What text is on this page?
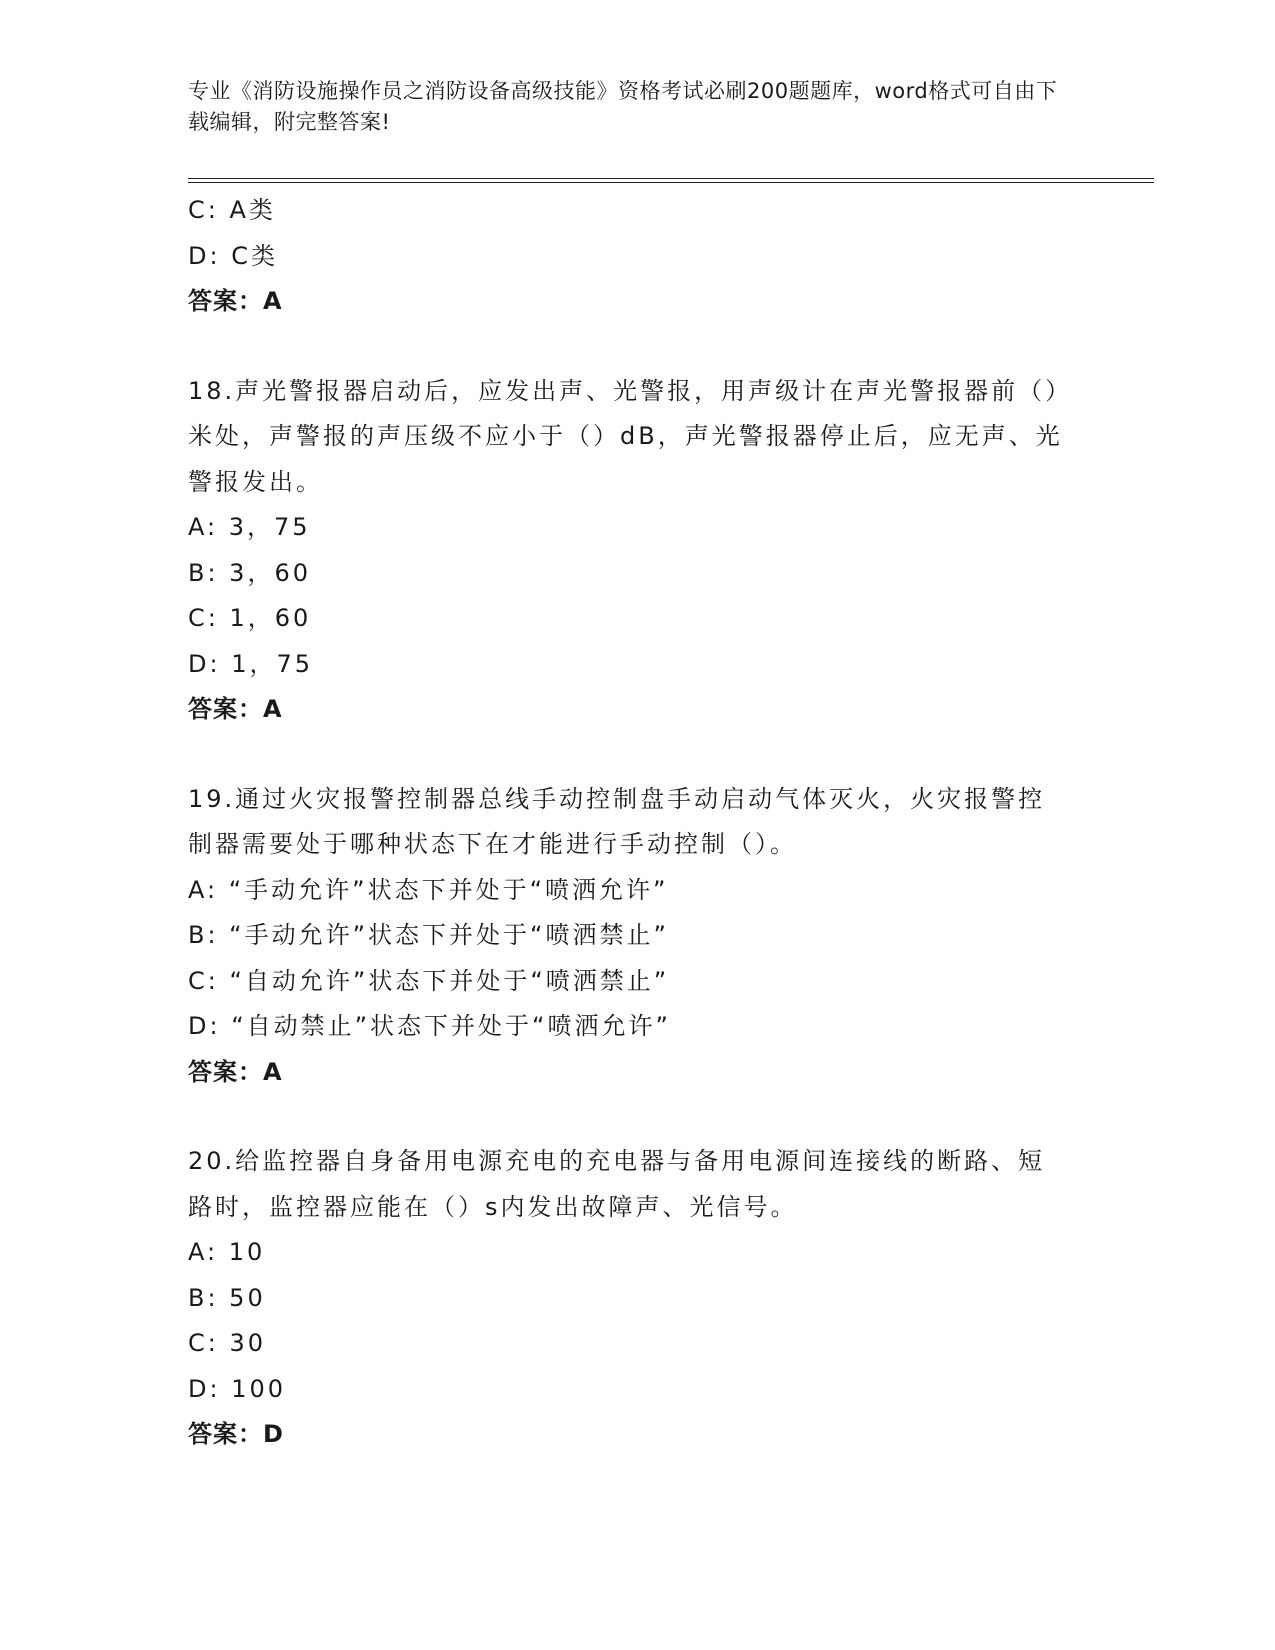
专业《消防设施操作员之消防设备高级技能》资格考试必刷200题题库，word格式可自由下载编辑，附完整答案!
C: A类
D: C类
答案：A
18.声光警报器启动后，应发出声、光警报，用声级计在声光警报器前（）米处，声警报的声压级不应小于（）dB，声光警报器停止后，应无声、光警报发出。
A: 3，75
B: 3，60
C: 1，60
D: 1，75
答案：A
19.通过火灾报警控制器总线手动控制盘手动启动气体灭火，火灾报警控制器需要处于哪种状态下在才能进行手动控制（）。
A: “手动允许”状态下并处于“喷洒允许”
B: “手动允许”状态下并处于“喷洒禁止”
C: “自动允许”状态下并处于“喷洒禁止”
D: “自动禁止”状态下并处于“喷洒允许”
答案：A
20.给监控器自身备用电源充电的充电器与备用电源间连接线的断路、短路时，监控器应能在（）s内发出故障声、光信号。
A: 10
B: 50
C: 30
D: 100
答案：D
